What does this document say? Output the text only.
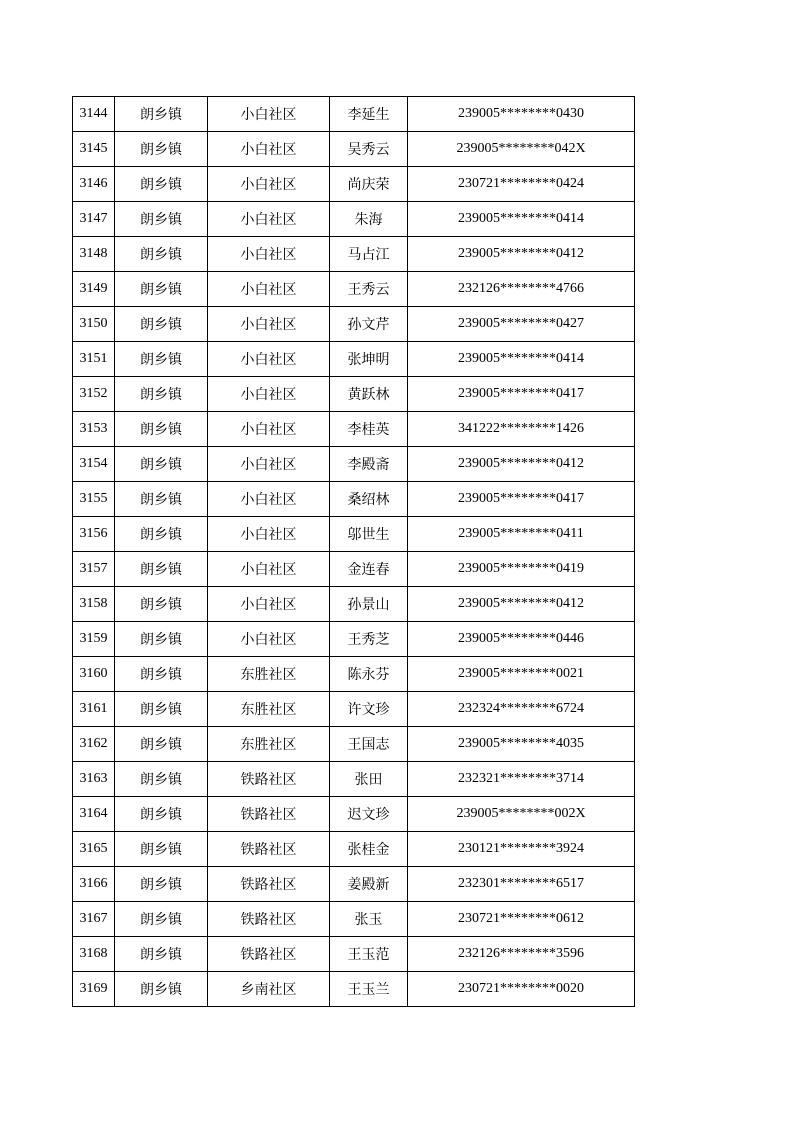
3144	朗乡镇	小白社区	李延生	239005********0430
3145	朗乡镇	小白社区	吴秀云	239005********042X
3146	朗乡镇	小白社区	尚庆荣	230721********0424
3147	朗乡镇	小白社区	朱海	239005********0414
3148	朗乡镇	小白社区	马占江	239005********0412
3149	朗乡镇	小白社区	王秀云	232126********4766
3150	朗乡镇	小白社区	孙文芹	239005********0427
3151	朗乡镇	小白社区	张坤明	239005********0414
3152	朗乡镇	小白社区	黄跃林	239005********0417
3153	朗乡镇	小白社区	李桂英	341222********1426
3154	朗乡镇	小白社区	李殿斋	239005********0412
3155	朗乡镇	小白社区	桑绍林	239005********0417
3156	朗乡镇	小白社区	邬世生	239005********0411
3157	朗乡镇	小白社区	金连春	239005********0419
3158	朗乡镇	小白社区	孙景山	239005********0412
3159	朗乡镇	小白社区	王秀芝	239005********0446
3160	朗乡镇	东胜社区	陈永芬	239005********0021
3161	朗乡镇	东胜社区	许文珍	232324********6724
3162	朗乡镇	东胜社区	王国志	239005********4035
3163	朗乡镇	铁路社区	张田	232321********3714
3164	朗乡镇	铁路社区	迟文珍	239005********002X
3165	朗乡镇	铁路社区	张桂金	230121********3924
3166	朗乡镇	铁路社区	姜殿新	232301********6517
3167	朗乡镇	铁路社区	张玉	230721********0612
3168	朗乡镇	铁路社区	王玉范	232126********3596
3169	朗乡镇	乡南社区	王玉兰	230721********0020
